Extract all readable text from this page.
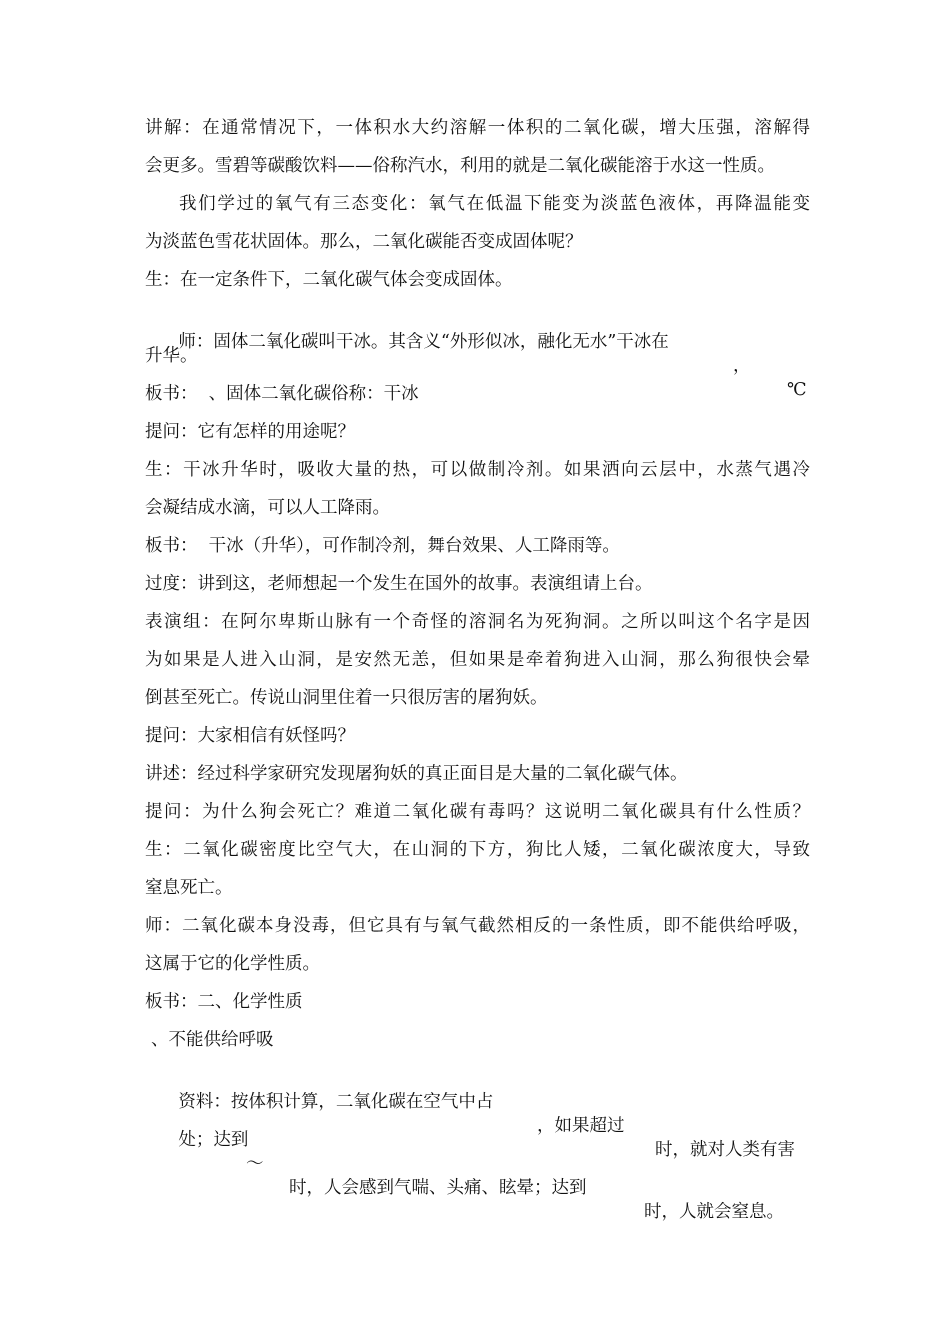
讲解：在通常情况下，一体积水大约溶解一体积的二氧化碳，增大压强，溶解得
会更多。雪碧等碳酸饮料——俗称汽水，利用的就是二氧化碳能溶于水这一性质。
我们学过的氧气有三态变化：氧气在低温下能变为淡蓝色液体，再降温能变
为淡蓝色雪花状固体。那么，二氧化碳能否变成固体呢？
生：在一定条件下，二氧化碳气体会变成固体。

师：固体二氧化碳叫干冰。其含义“外形似冰，融化无水”干冰在

，

℃

升华。
板书：  、固体二氧化碳俗称：干冰
提问：它有怎样的用途呢？
生：干冰升华时，吸收大量的热，可以做制冷剂。如果洒向云层中，水蒸气遇冷
会凝结成水滴，可以人工降雨。
板书：  干冰（升华），可作制冷剂，舞台效果、人工降雨等。
过度：讲到这，老师想起一个发生在国外的故事。表演组请上台。
表演组：在阿尔卑斯山脉有一个奇怪的溶洞名为死狗洞。之所以叫这个名字是因
为如果是人进入山洞，是安然无恙，但如果是牵着狗进入山洞，那么狗很快会晕
倒甚至死亡。传说山洞里住着一只很厉害的屠狗妖。
提问：大家相信有妖怪吗？
讲述：经过科学家研究发现屠狗妖的真正面目是大量的二氧化碳气体。
提问：为什么狗会死亡？难道二氧化碳有毒吗？这说明二氧化碳具有什么性质？
生：二氧化碳密度比空气大，在山洞的下方，狗比人矮，二氧化碳浓度大，导致
窒息死亡。
师：二氧化碳本身没毒，但它具有与氧气截然相反的一条性质，即不能供给呼吸，
这属于它的化学性质。
板书：二、化学性质
、不能供给呼吸

资料：按体积计算，二氧化碳在空气中占

，如果超过

时，就对人类有害

处；达到

～

时，人会感到气喘、头痛、眩晕；达到

时，人就会窒息。
